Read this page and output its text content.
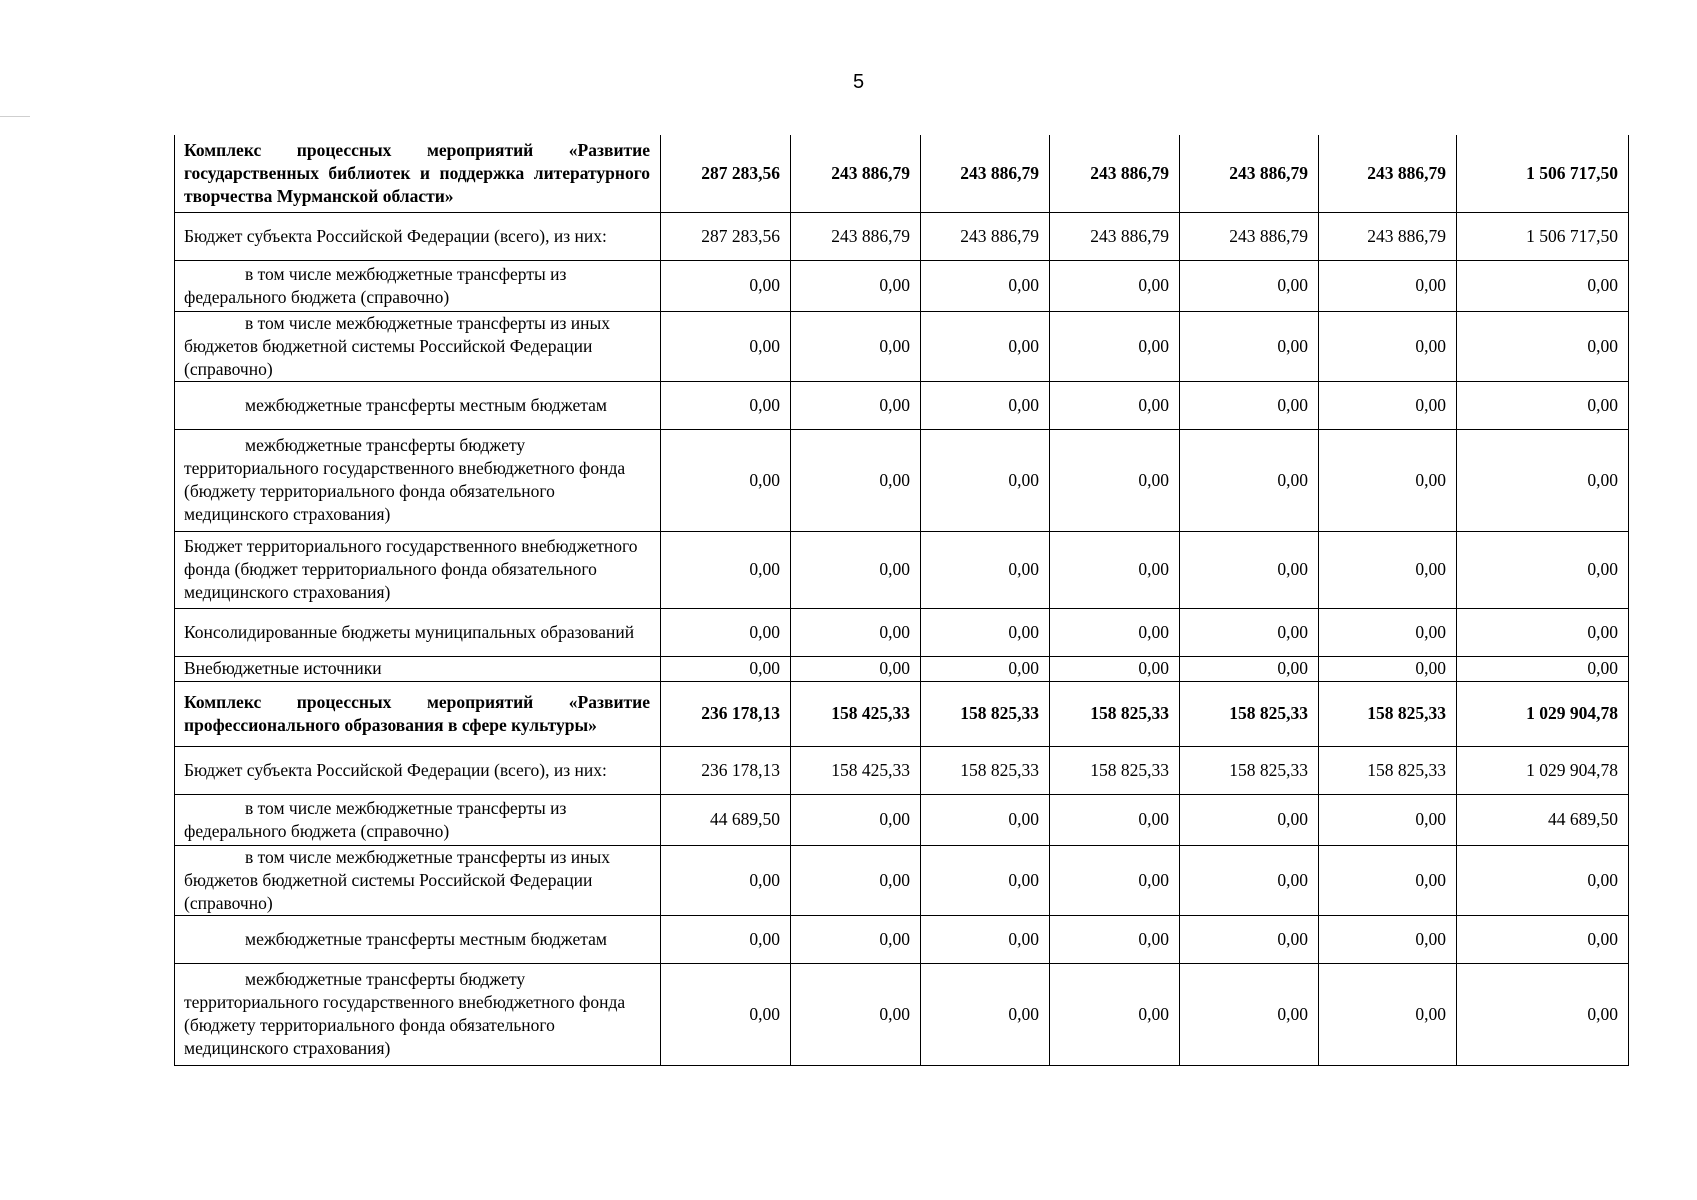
5
Комплекс процессных мероприятий «Развитие государственных библиотек и поддержка литературного творчества Мурманской области»	287 283,56	243 886,79	243 886,79	243 886,79	243 886,79	243 886,79	1 506 717,50
Бюджет субъекта Российской Федерации (всего), из них:	287 283,56	243 886,79	243 886,79	243 886,79	243 886,79	243 886,79	1 506 717,50
в том числе межбюджетные трансферты из федерального бюджета (справочно)	0,00	0,00	0,00	0,00	0,00	0,00	0,00
в том числе межбюджетные трансферты из иных бюджетов бюджетной системы Российской Федерации (справочно)	0,00	0,00	0,00	0,00	0,00	0,00	0,00
межбюджетные трансферты местным бюджетам	0,00	0,00	0,00	0,00	0,00	0,00	0,00
межбюджетные трансферты бюджету территориального государственного внебюджетного фонда (бюджету территориального фонда обязательного медицинского страхования)	0,00	0,00	0,00	0,00	0,00	0,00	0,00
Бюджет территориального государственного внебюджетного фонда (бюджет территориального фонда обязательного медицинского страхования)	0,00	0,00	0,00	0,00	0,00	0,00	0,00
Консолидированные бюджеты муниципальных образований	0,00	0,00	0,00	0,00	0,00	0,00	0,00
Внебюджетные источники	0,00	0,00	0,00	0,00	0,00	0,00	0,00
Комплекс процессных мероприятий «Развитие профессионального образования в сфере культуры»	236 178,13	158 425,33	158 825,33	158 825,33	158 825,33	158 825,33	1 029 904,78
Бюджет субъекта Российской Федерации (всего), из них:	236 178,13	158 425,33	158 825,33	158 825,33	158 825,33	158 825,33	1 029 904,78
в том числе межбюджетные трансферты из федерального бюджета (справочно)	44 689,50	0,00	0,00	0,00	0,00	0,00	44 689,50
в том числе межбюджетные трансферты из иных бюджетов бюджетной системы Российской Федерации (справочно)	0,00	0,00	0,00	0,00	0,00	0,00	0,00
межбюджетные трансферты местным бюджетам	0,00	0,00	0,00	0,00	0,00	0,00	0,00
межбюджетные трансферты бюджету территориального государственного внебюджетного фонда (бюджету территориального фонда обязательного медицинского страхования)	0,00	0,00	0,00	0,00	0,00	0,00	0,00
